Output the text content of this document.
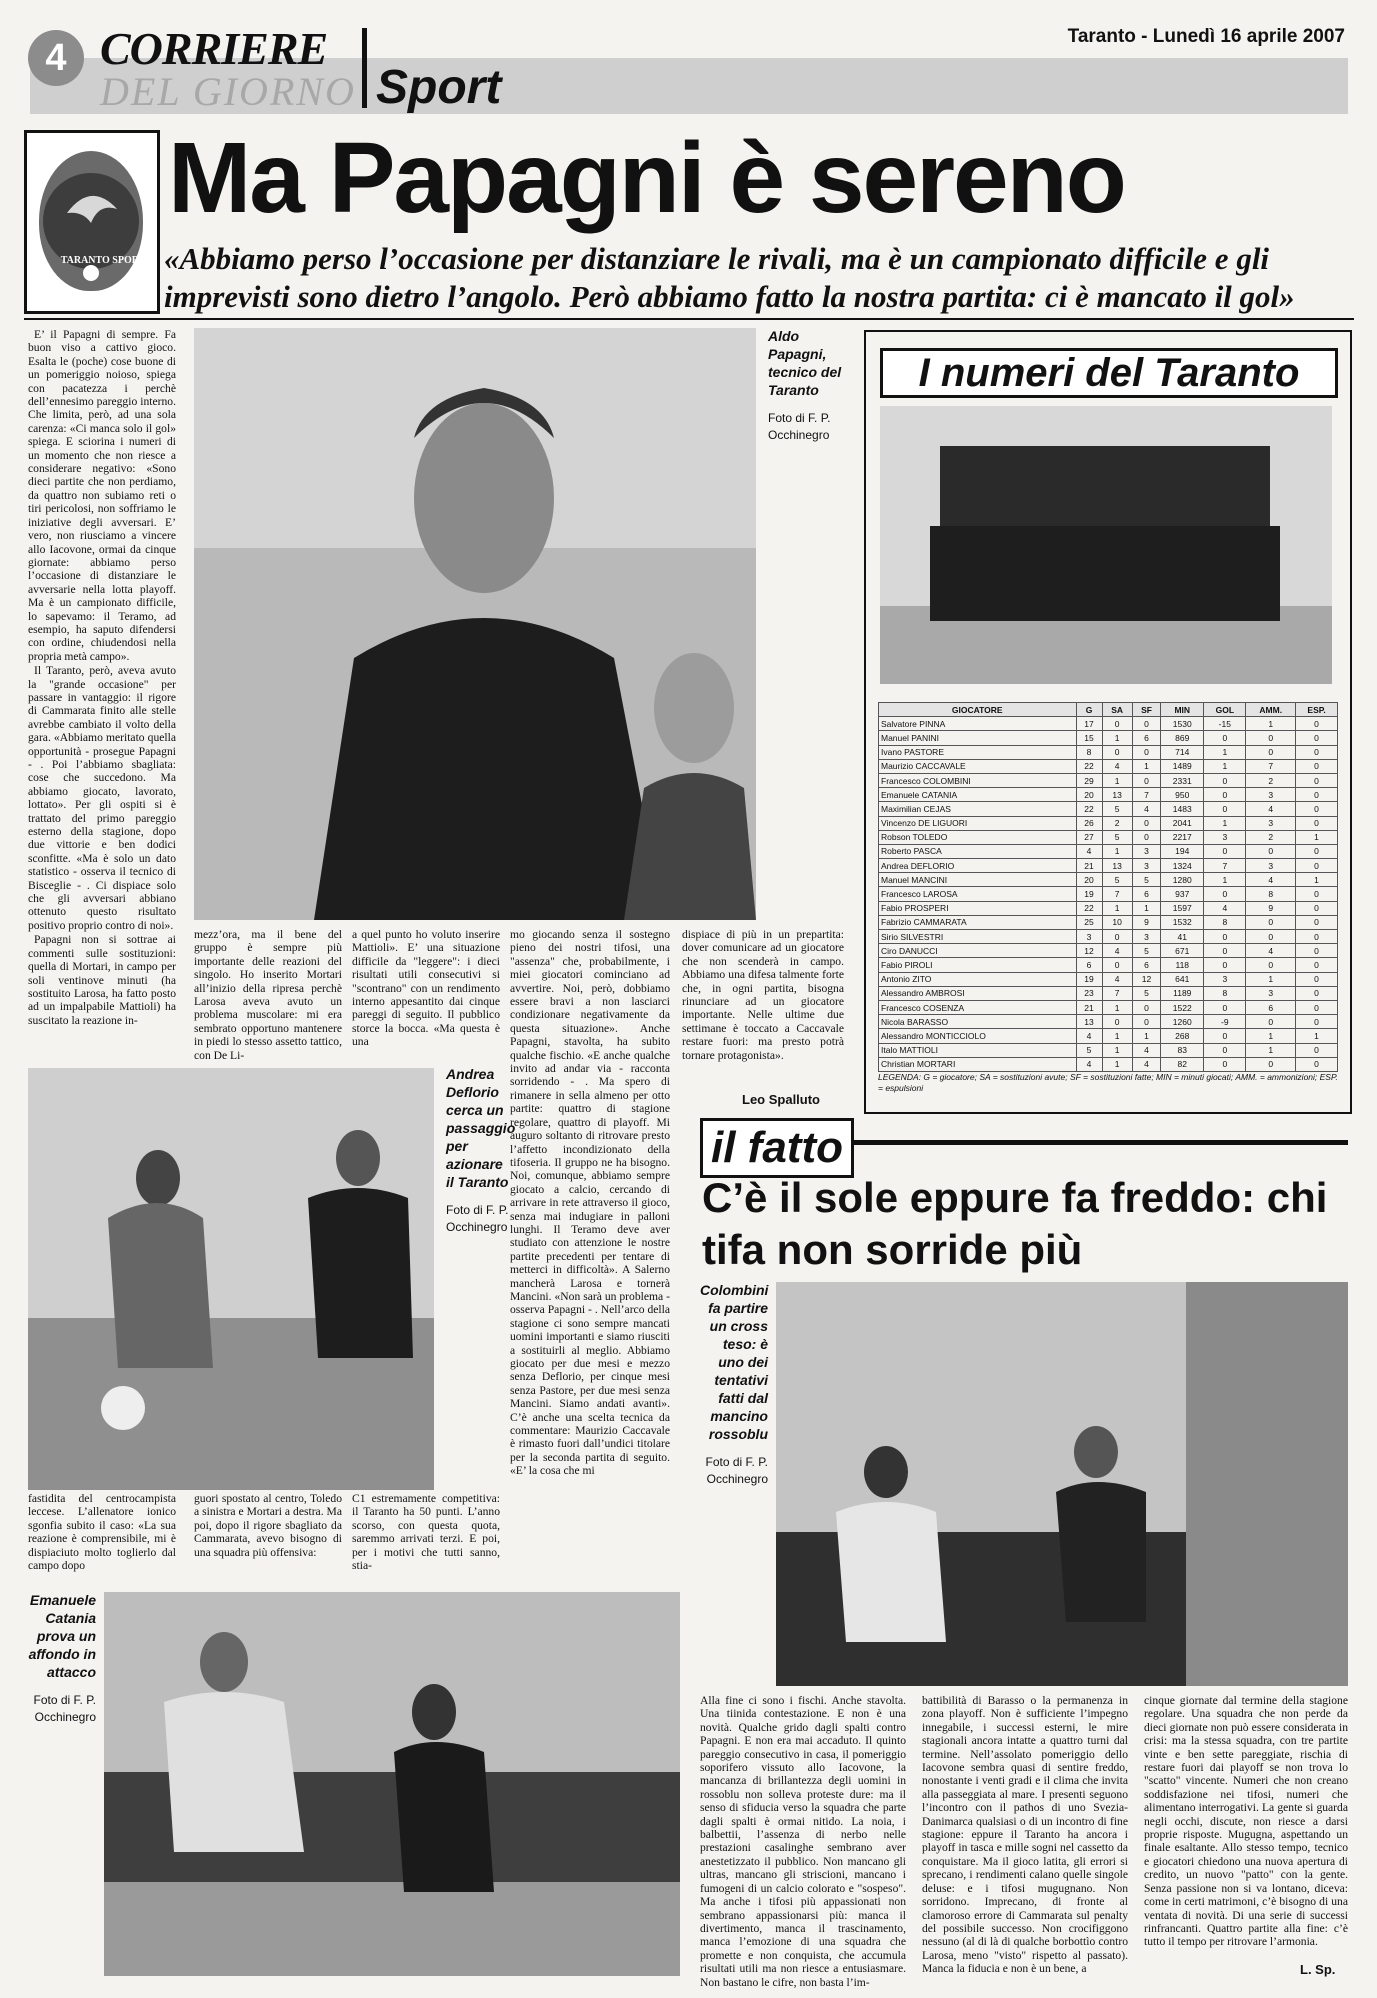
4 CORRIERE
DEL GIORNO Sport
Taranto - Lunedì 16 aprile 2007
TARANTO SPORT
Ma Papagni è sereno
«Abbiamo perso l’occasione per distanziare le rivali, ma è un campionato difficile e gli imprevisti sono dietro l’angolo. Però abbiamo fatto la nostra partita: ci è mancato il gol»

E’ il Papagni di sempre. Fa buon viso a cattivo gioco. Esalta le (poche) cose buone di un pomeriggio noioso, spiega con pacatezza i perchè dell’ennesimo pareggio interno. Che limita, però, ad una sola carenza: «Ci manca solo il gol» spiega. E sciorina i numeri di un momento che non riesce a considerare negativo: «Sono dieci partite che non perdiamo, da quattro non subiamo reti o tiri pericolosi, non soffriamo le iniziative degli avversari. E’ vero, non riusciamo a vincere allo Iacovone, ormai da cinque giornate: abbiamo perso l’occasione di distanziare le avversarie nella lotta playoff. Ma è un campionato difficile, lo sapevamo: il Teramo, ad esempio, ha saputo difendersi con ordine, chiudendosi nella propria metà campo».

Il Taranto, però, aveva avuto la "grande occasione" per passare in vantaggio: il rigore di Cammarata finito alle stelle avrebbe cambiato il volto della gara. «Abbiamo meritato quella opportunità - prosegue Papagni - . Poi l’abbiamo sbagliata: cose che succedono. Ma abbiamo giocato, lavorato, lottato». Per gli ospiti si è trattato del primo pareggio esterno della stagione, dopo due vittorie e ben dodici sconfitte. «Ma è solo un dato statistico - osserva il tecnico di Bisceglie - . Ci dispiace solo che gli avversari abbiano ottenuto questo risultato positivo proprio contro di noi».

Papagni non si sottrae ai commenti sulle sostituzioni: quella di Mortari, in campo per soli ventinove minuti (ha sostituito Larosa, ha fatto posto ad un impalpabile Mattioli) ha suscitato la reazione in-

Aldo Papagni, tecnico del Taranto
Foto di F. P. Occhinegro
mezz’ora, ma il bene del gruppo è sempre più importante delle reazioni del singolo. Ho inserito Mortari all’inizio della ripresa perchè Larosa aveva avuto un problema muscolare: mi era sembrato opportuno mantenere in piedi lo stesso assetto tattico, con De Li-
a quel punto ho voluto inserire Mattioli». E’ una situazione difficile da "leggere": i dieci risultati utili consecutivi si "scontrano" con un rendimento interno appesantito dai cinque pareggi di seguito. Il pubblico storce la bocca. «Ma questa è una
mo giocando senza il sostegno pieno dei nostri tifosi, una "assenza" che, probabilmente, i miei giocatori cominciano ad avvertire. Noi, però, dobbiamo essere bravi a non lasciarci condizionare negativamente da questa situazione». Anche Papagni, stavolta, ha subito qualche fischio. «E anche qualche invito ad andar via - racconta sorridendo - . Ma spero di rimanere in sella almeno per otto partite: quattro di stagione regolare, quattro di playoff. Mi auguro soltanto di ritrovare presto l’affetto incondizionato della tifoseria. Il gruppo ne ha bisogno. Noi, comunque, abbiamo sempre giocato a calcio, cercando di arrivare in rete attraverso il gioco, senza mai indugiare in palloni lunghi. Il Teramo deve aver studiato con attenzione le nostre partite precedenti per tentare di metterci in difficoltà». A Salerno mancherà Larosa e tornerà Mancini. «Non sarà un problema - osserva Papagni - . Nell’arco della stagione ci sono sempre mancati uomini importanti e siamo riusciti a sostituirli al meglio. Abbiamo giocato per due mesi e mezzo senza Deflorio, per cinque mesi senza Pastore, per due mesi senza Mancini. Siamo andati avanti». C’è anche una scelta tecnica da commentare: Maurizio Caccavale è rimasto fuori dall’undici titolare per la seconda partita di seguito. «E’ la cosa che mi
dispiace di più in un prepartita: dover comunicare ad un giocatore che non scenderà in campo. Abbiamo una difesa talmente forte che, in ogni partita, bisogna rinunciare ad un giocatore importante. Nelle ultime due settimane è toccato a Caccavale restare fuori: ma presto potrà tornare protagonista».
Leo Spalluto
Andrea Deflorio cerca un passaggio per azionare il Taranto
Foto di F. P. Occhinegro
fastidita del centrocampista leccese. L’allenatore ionico sgonfia subito il caso: «La sua reazione è comprensibile, mi è dispiaciuto molto toglierlo dal campo dopo
guori spostato al centro, Toledo a sinistra e Mortari a destra. Ma poi, dopo il rigore sbagliato da Cammarata, avevo bisogno di una squadra più offensiva:
C1 estremamente competitiva: il Taranto ha 50 punti. L’anno scorso, con questa quota, saremmo arrivati terzi. E poi, per i motivi che tutti sanno, stia-
Emanuele Catania prova un affondo in attacco
Foto di F. P. Occhinegro
I numeri del Taranto
GIOCATORE	G	SA	SF	MIN	GOL	AMM.	ESP.
Salvatore PINNA	17	0	0	1530	-15	1	0
Manuel PANINI	15	1	6	869	0	0	0
Ivano PASTORE	8	0	0	714	1	0	0
Maurizio CACCAVALE	22	4	1	1489	1	7	0
Francesco COLOMBINI	29	1	0	2331	0	2	0
Emanuele CATANIA	20	13	7	950	0	3	0
Maximilian CEJAS	22	5	4	1483	0	4	0
Vincenzo DE LIGUORI	26	2	0	2041	1	3	0
Robson TOLEDO	27	5	0	2217	3	2	1
Roberto PASCA	4	1	3	194	0	0	0
Andrea DEFLORIO	21	13	3	1324	7	3	0
Manuel MANCINI	20	5	5	1280	1	4	1
Francesco LAROSA	19	7	6	937	0	8	0
Fabio PROSPERI	22	1	1	1597	4	9	0
Fabrizio CAMMARATA	25	10	9	1532	8	0	0
Sirio SILVESTRI	3	0	3	41	0	0	0
Ciro DANUCCI	12	4	5	671	0	4	0
Fabio PIROLI	6	0	6	118	0	0	0
Antonio ZITO	19	4	12	641	3	1	0
Alessandro AMBROSI	23	7	5	1189	8	3	0
Francesco COSENZA	21	1	0	1522	0	6	0
Nicola BARASSO	13	0	0	1260	-9	0	0
Alessandro MONTICCIOLO	4	1	1	268	0	1	1
Italo MATTIOLI	5	1	4	83	0	1	0
Christian MORTARI	4	1	4	82	0	0	0
LEGENDA: G = giocatore; SA = sostituzioni avute; SF = sostituzioni fatte; MIN = minuti giocati; AMM. = ammonizioni; ESP. = espulsioni
il fatto
C’è il sole eppure fa freddo: chi tifa non sorride più
Colombini fa partire un cross teso: è uno dei tentativi fatti dal mancino rossoblu
Foto di F. P. Occhinegro
Alla fine ci sono i fischi. Anche stavolta. Una tiinida contestazione. E non è una novità. Qualche grido dagli spalti contro Papagni. E non era mai accaduto. Il quinto pareggio consecutivo in casa, il pomeriggio soporifero vissuto allo Iacovone, la mancanza di brillantezza degli uomini in rossoblu non solleva proteste dure: ma il senso di sfiducia verso la squadra che parte dagli spalti è ormai nitido. La noia, i balbettii, l’assenza di nerbo nelle prestazioni casalinghe sembrano aver anestetizzato il pubblico. Non mancano gli ultras, mancano gli striscioni, mancano i fumogeni di un calcio colorato e "sospeso". Ma anche i tifosi più appassionati non sembrano appassionarsi più: manca il divertimento, manca il trascinamento, manca l’emozione di una squadra che promette e non conquista, che accumula risultati utili ma non riesce a entusiasmare. Non bastano le cifre, non basta l’im-
battibilità di Barasso o la permanenza in zona playoff. Non è sufficiente l’impegno innegabile, i successi esterni, le mire stagionali ancora intatte a quattro turni dal termine. Nell’assolato pomeriggio dello Iacovone sembra quasi di sentire freddo, nonostante i venti gradi e il clima che invita alla passeggiata al mare. I presenti seguono l’incontro con il pathos di uno Svezia-Danimarca qualsiasi o di un incontro di fine stagione: eppure il Taranto ha ancora i playoff in tasca e mille sogni nel cassetto da conquistare. Ma il gioco latita, gli errori si sprecano, i rendimenti calano quelle singole deluse: e i tifosi mugugnano. Non sorridono. Imprecano, di fronte al clamoroso errore di Cammarata sul penalty del possibile successo. Non crocifiggono nessuno (al di là di qualche borbottìo contro Larosa, meno "visto" rispetto al passato). Manca la fiducia e non è un bene, a
cinque giornate dal termine della stagione regolare. Una squadra che non perde da dieci giornate non può essere considerata in crisi: ma la stessa squadra, con tre partite vinte e ben sette pareggiate, rischia di restare fuori dai playoff se non trova lo "scatto" vincente. Numeri che non creano soddisfazione nei tifosi, numeri che alimentano interrogativi. La gente si guarda negli occhi, discute, non riesce a darsi proprie risposte. Mugugna, aspettando un finale esaltante. Allo stesso tempo, tecnico e giocatori chiedono una nuova apertura di credito, un nuovo "patto" con la gente. Senza passione non si va lontano, diceva: come in certi matrimoni, c’è bisogno di una ventata di novità. Di una serie di successi rinfrancanti. Quattro partite alla fine: c’è tutto il tempo per ritrovare l’armonia.
L. Sp.
